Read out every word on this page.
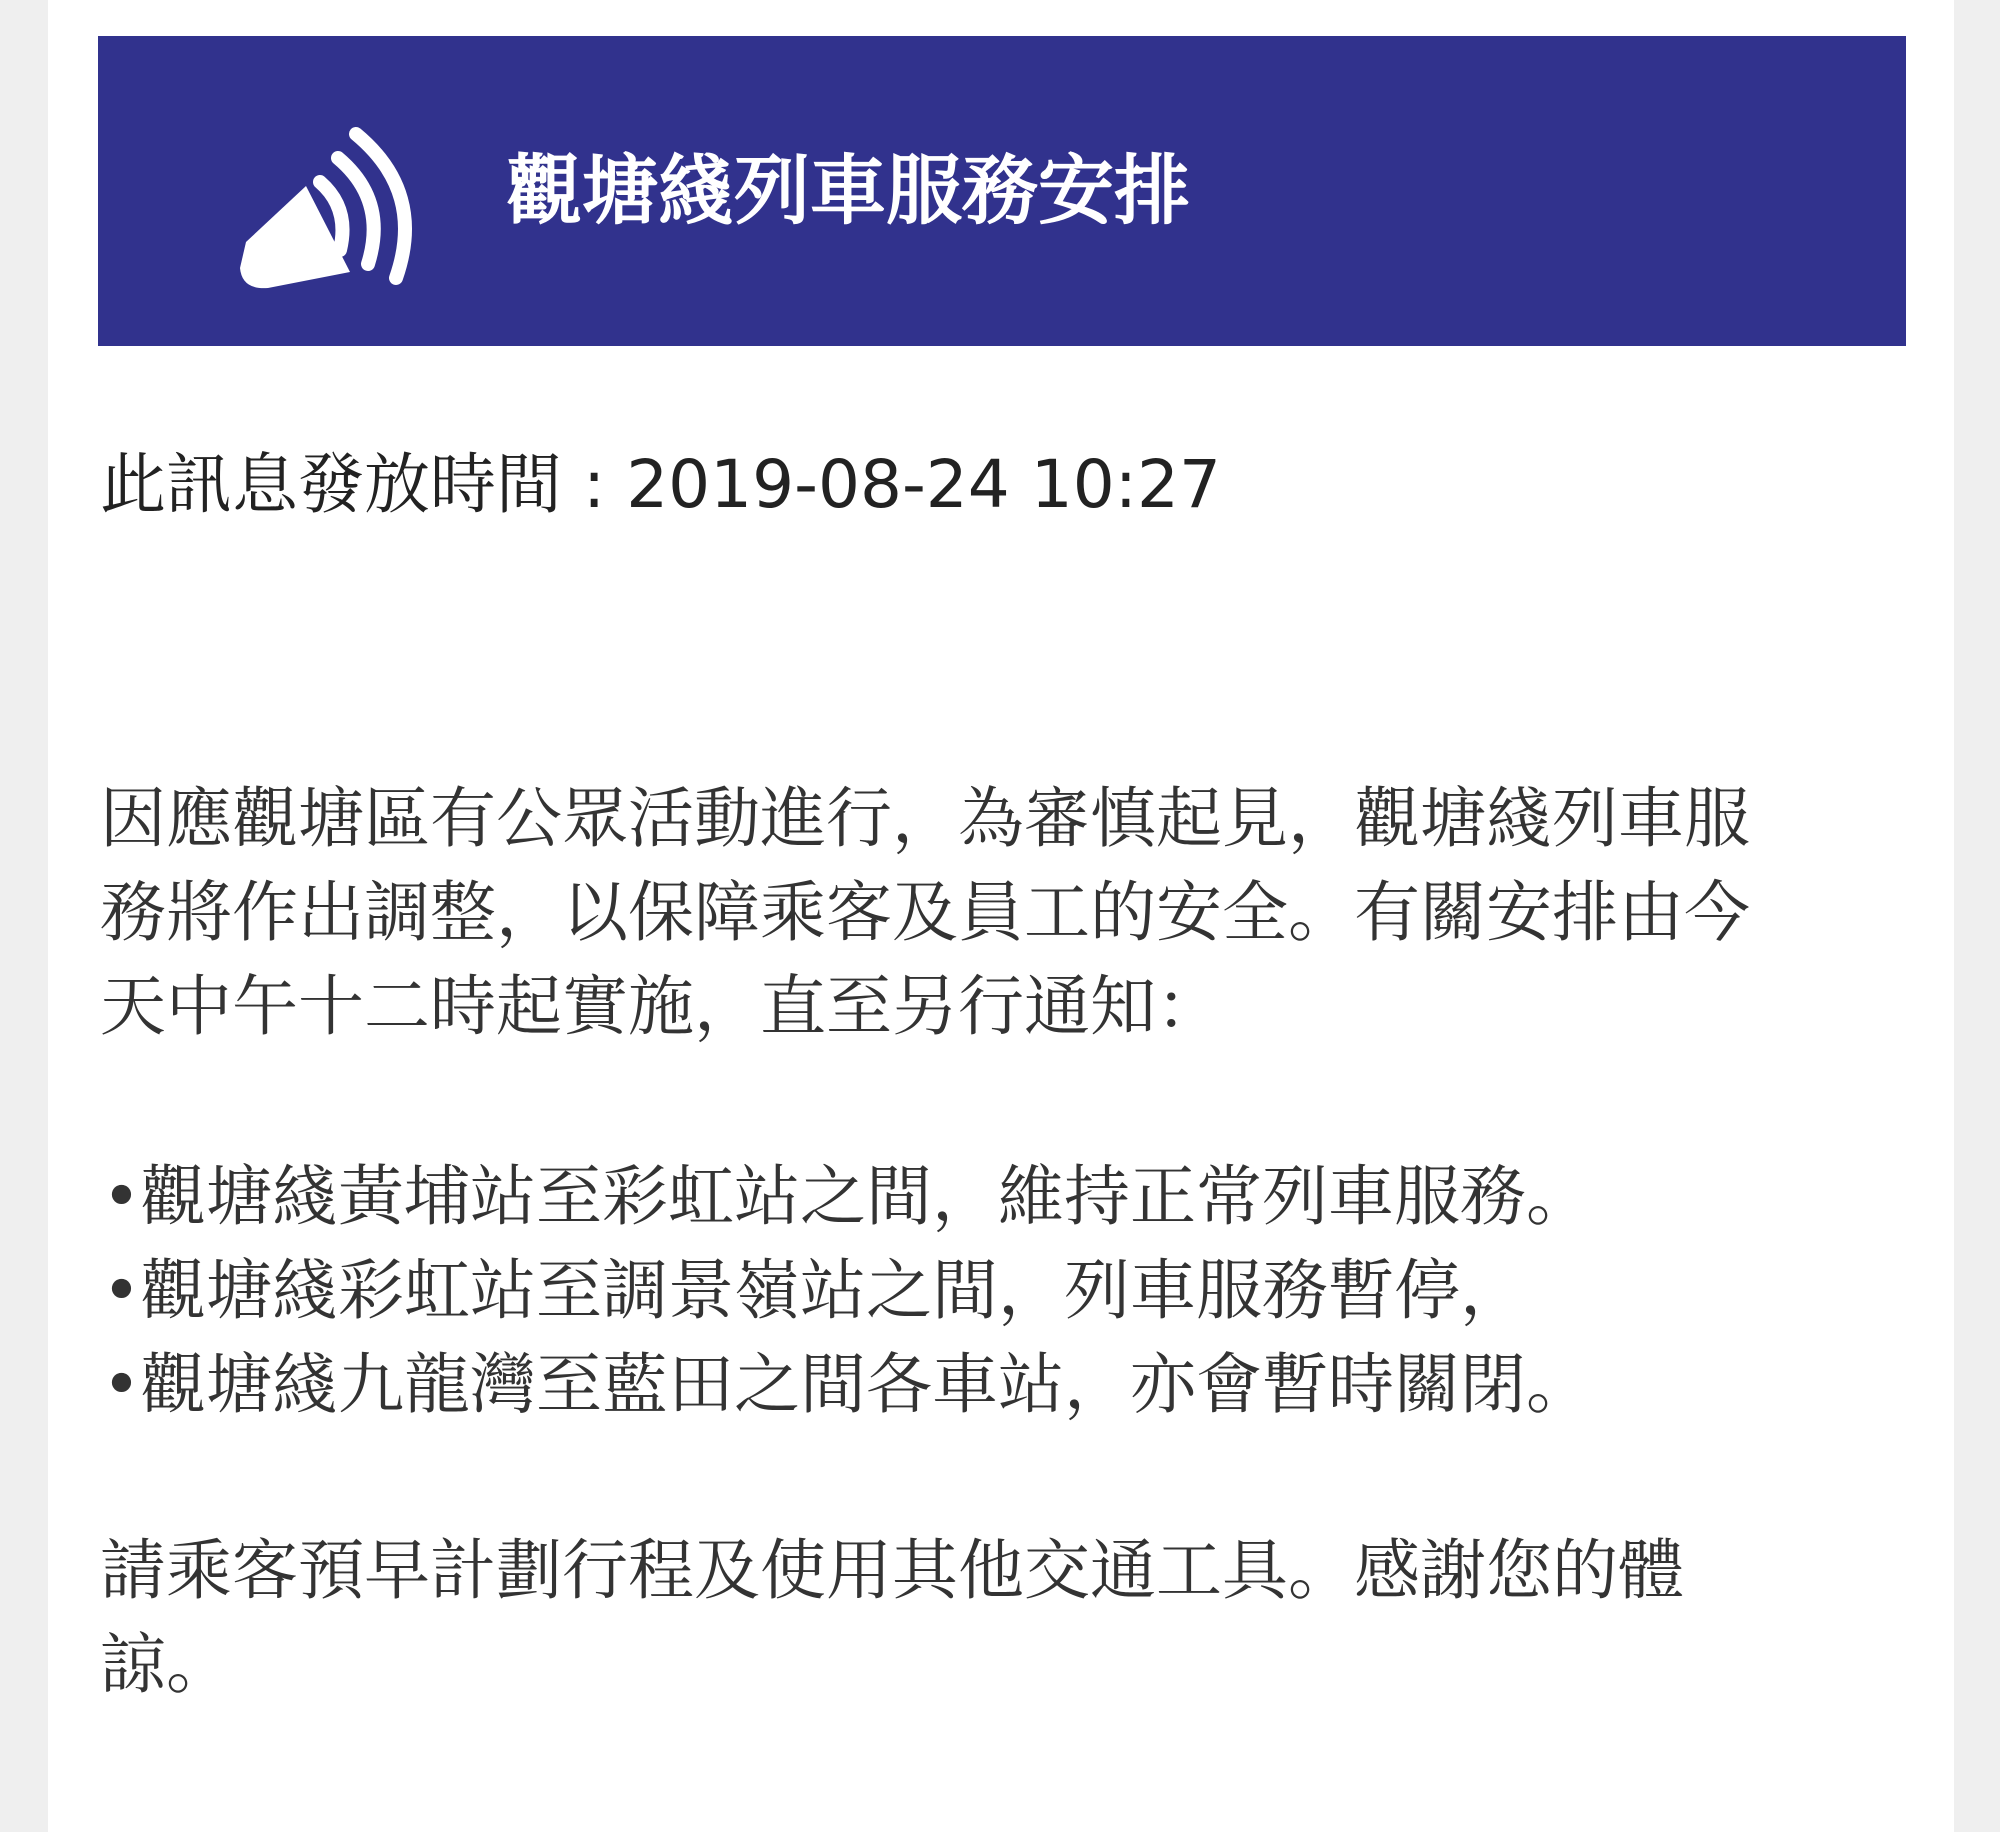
觀塘綫列車服務安排
此訊息發放時間 : 2019-08-24 10:27
因應觀塘區有公眾活動進行，為審慎起見，觀塘綫列車服
務將作出調整，以保障乘客及員工的安全。有關安排由今
天中午十二時起實施，直至另行通知：
• 觀塘綫黃埔站至彩虹站之間，維持正常列車服務。
• 觀塘綫彩虹站至調景嶺站之間，列車服務暫停，
• 觀塘綫九龍灣至藍田之間各車站，亦會暫時關閉。
請乘客預早計劃行程及使用其他交通工具。感謝您的體
諒。
